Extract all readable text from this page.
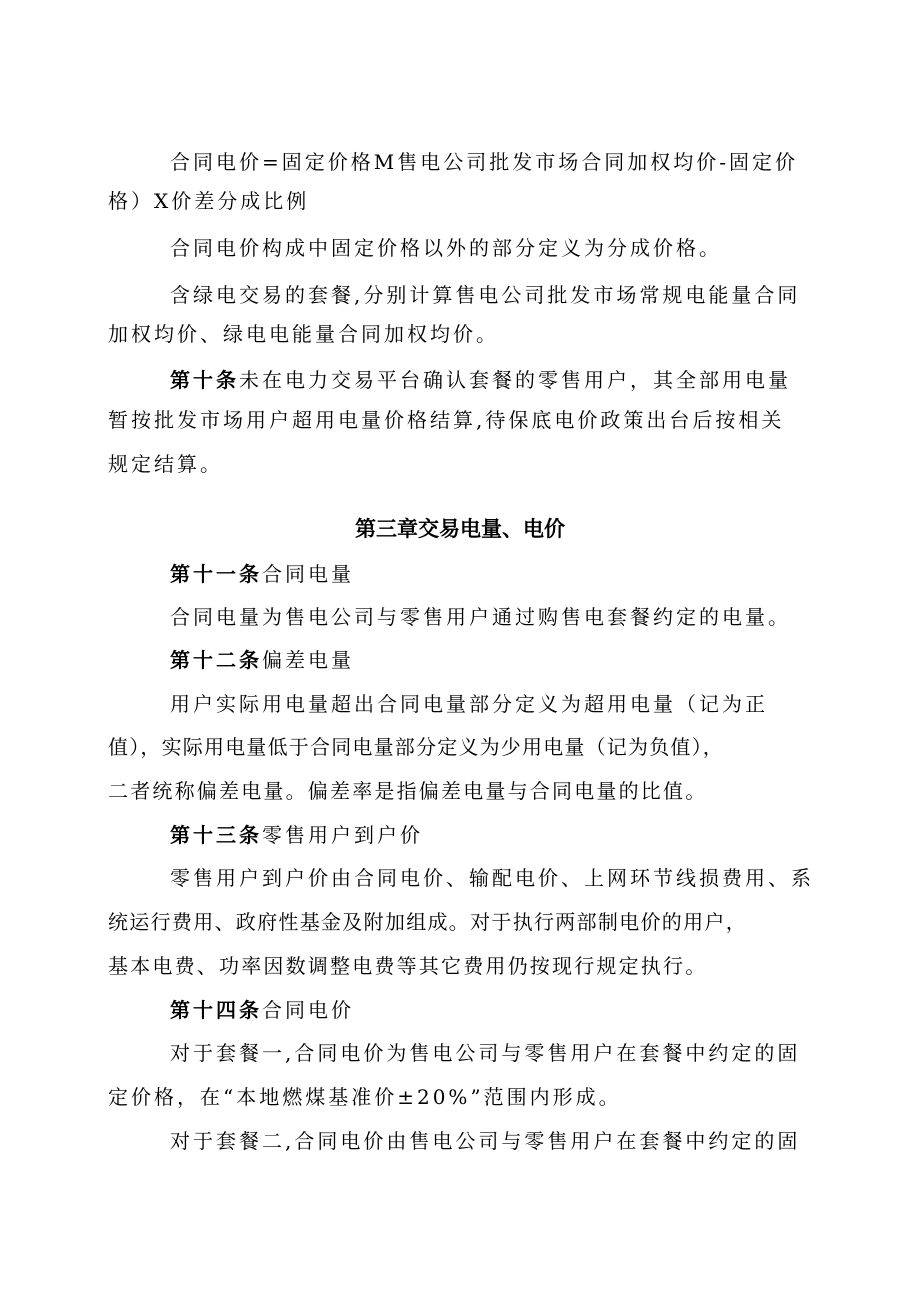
合同电价=固定价格M售电公司批发市场合同加权均价-固定价
格）X价差分成比例
合同电价构成中固定价格以外的部分定义为分成价格。
含绿电交易的套餐,分别计算售电公司批发市场常规电能量合同
加权均价、绿电电能量合同加权均价。
第十条未在电力交易平台确认套餐的零售用户，其全部用电量
暂按批发市场用户超用电量价格结算,待保底电价政策出台后按相关
规定结算。
第三章交易电量、电价
第十一条合同电量
合同电量为售电公司与零售用户通过购售电套餐约定的电量。
第十二条偏差电量
用户实际用电量超出合同电量部分定义为超用电量（记为正
值），实际用电量低于合同电量部分定义为少用电量（记为负值），
二者统称偏差电量。偏差率是指偏差电量与合同电量的比值。
第十三条零售用户到户价
零售用户到户价由合同电价、输配电价、上网环节线损费用、系
统运行费用、政府性基金及附加组成。对于执行两部制电价的用户，
基本电费、功率因数调整电费等其它费用仍按现行规定执行。
第十四条合同电价
对于套餐一,合同电价为售电公司与零售用户在套餐中约定的固
定价格，在“本地燃煤基准价±20%”范围内形成。
对于套餐二,合同电价由售电公司与零售用户在套餐中约定的固
